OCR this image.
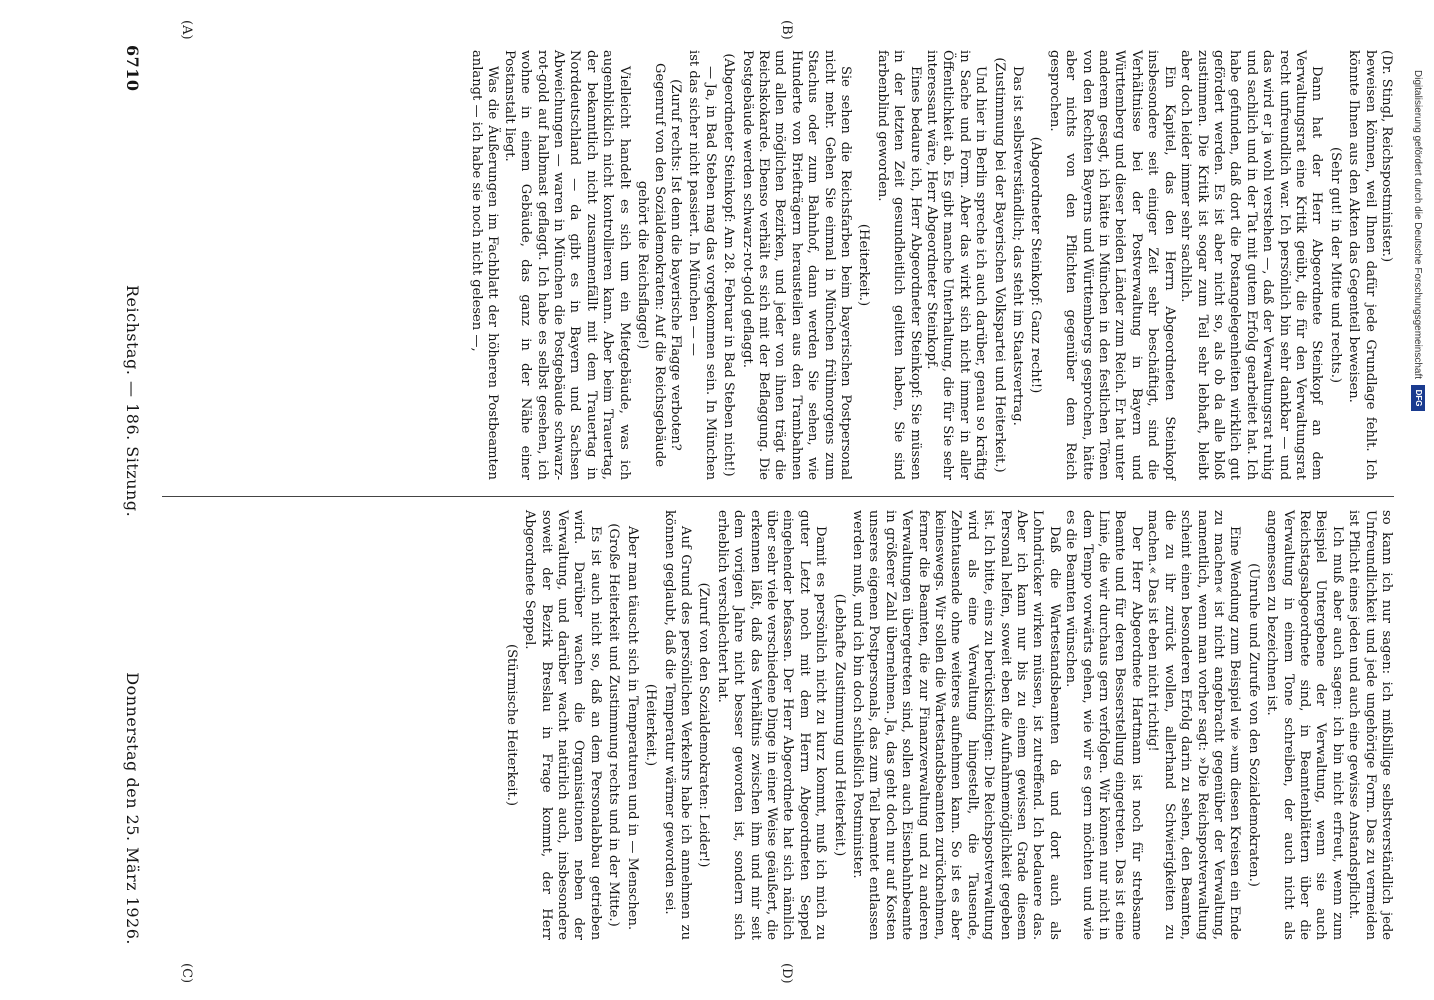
6710
Reichstag. — 186. Sitzung.
Donnerstag den 25. März 1926.

(Dr. Stingl, Reichspostminister.)

beweisen können, weil Ihnen dafür jede Grundlage fehlt. Ich könnte Ihnen aus den Akten das Gegenteil beweisen.

(Sehr gut! in der Mitte und rechts.)

Dann hat der Herr Abgeordnete Steinkopf an dem Verwaltungsrat eine Kritik geübt, die für den Verwaltungsrat recht unfreundlich war. Ich persönlich bin sehr dankbar — und das wird er ja wohl verstehen —, daß der Verwaltungsrat ruhig und sachlich und in der Tat mit gutem Erfolg gearbeitet hat. Ich habe gefunden, daß dort die Postangelegenheiten wirklich gut gefördert werden. Es ist aber nicht so, als ob da alle bloß zustimmen. Die Kritik ist sogar zum Teil sehr lebhaft, bleibt aber doch leider immer sehr sachlich.

Ein Kapitel, das den Herrn Abgeordneten Steinkopf insbesondere seit einiger Zeit sehr beschäftigt, sind die Verhältnisse bei der Postverwaltung in Bayern und Württemberg und dieser beiden Länder zum Reich. Er hat unter anderem gesagt, ich hätte in München in den festlichen Tönen von den Rechten Bayerns und Württembergs gesprochen, hätte aber nichts von den Pflichten gegenüber dem Reich gesprochen.

(Abgeordneter Steinkopf: Ganz recht!)

Das ist selbstverständlich; das steht im Staatsvertrag.

(Zustimmung bei der Bayerischen Volkspartei und Heiterkeit.)

Und hier in Berlin spreche ich auch darüber, genau so kräftig in Sache und Form. Aber das wirkt sich nicht immer in aller Öffentlichkeit ab. Es gibt manche Unterhaltung, die für Sie sehr interessant wäre, Herr Abgeordneter Steinkopf.

Eines bedaure ich, Herr Abgeordneter Steinkopf: Sie müssen in der letzten Zeit gesundheitlich gelitten haben, Sie sind farbenblind geworden.

(Heiterkeit.)

Sie sehen die Reichsfarben beim bayerischen Postpersonal nicht mehr. Gehen Sie einmal in München frühmorgens zum Stachus oder zum Bahnhof, dann werden Sie sehen, wie Hunderte von Briefträgern herausteilen aus den Trambahnen und allen möglichen Bezirken, und jeder von ihnen trägt die Reichskokarde. Ebenso verhält es sich mit der Beflaggung. Die Postgebäude werden schwarz-rot-gold geflaggt.

(Abgeordneter Steinkopf: Am 28. Februar in Bad Steben nicht!)

— Ja, in Bad Steben mag das vorgekommen sein. In München ist das sicher nicht passiert. In München — —

(Zuruf rechts: Ist denn die bayerische Flagge verboten? Gegenruf von den Sozialdemokraten: Auf die Reichsgebäude gehört die Reichsflagge!)

Vielleicht handelt es sich um ein Mietgebäude, was ich augenblicklich nicht kontrollieren kann. Aber beim Trauertag, der bekanntlich nicht zusammenfällt mit dem Trauertag in Norddeutschland — da gibt es in Bayern und Sachsen Abweichungen — waren in München die Postgebäude schwarz-rot-gold auf halbmast geflaggt. Ich habe es selbst gesehen, ich wohne in einem Gebäude, das ganz in der Nähe einer Postanstalt liegt.

Was die Äußerungen im Fachblatt der höheren Postbeamten anlangt — ich habe sie noch nicht gelesen —,

so kann ich nur sagen: ich mißbillige selbstverständlich jede Unfreundlichkeit und jede ungehörige Form. Das zu vermeiden ist Pflicht eines jeden und auch eine gewisse Anstandspflicht.

Ich muß aber auch sagen: ich bin nicht erfreut, wenn zum Beispiel Untergebene der Verwaltung, wenn sie auch Reichstagsabgeordnete sind, in Beamtenblättern über die Verwaltung in einem Tone schreiben, der auch nicht als angemessen zu bezeichnen ist.

(Unruhe und Zurufe von den Sozialdemokraten.)

Eine Wendung zum Beispiel wie »um diesen Kreisen ein Ende zu machen« ist nicht angebracht gegenüber der Verwaltung, namentlich, wenn man vorher sagt: »Die Reichspostverwaltung scheint einen besonderen Erfolg darin zu sehen, den Beamten, die zu ihr zurück wollen, allerhand Schwierigkeiten zu machen.« Das ist eben nicht richtig!

Der Herr Abgeordnete Hartmann ist noch für strebsame Beamte und für deren Besserstellung eingetreten. Das ist eine Linie, die wir durchaus gern verfolgen. Wir können nur nicht in dem Tempo vorwärts gehen, wie wir es gern möchten und wie es die Beamten wünschen.

Daß die Wartestandsbeamten da und dort auch als Lohndrücker wirken müssen, ist zutreffend. Ich bedauere das. Aber ich kann nur bis zu einem gewissen Grade diesem Personal helfen, soweit eben die Aufnahmemöglichkeit gegeben ist. Ich bitte, eins zu berücksichtigen: Die Reichspostverwaltung wird als eine Verwaltung hingestellt, die Tausende, Zehntausende ohne weiteres aufnehmen kann. So ist es aber keineswegs. Wir sollen die Wartestandsbeamten zurücknehmen, ferner die Beamten, die zur Finanzverwaltung und zu anderen Verwaltungen übergetreten sind, sollen auch Eisenbahnbeamte in größerer Zahl übernehmen. Ja, das geht doch nur auf Kosten unseres eigenen Postpersonals, das zum Teil beamtet entlassen werden muß, und ich bin doch schließlich Postminister.

(Lebhafte Zustimmung und Heiterkeit.)

Damit es persönlich nicht zu kurz kommt, muß ich mich zu guter Letzt noch mit dem Herrn Abgeordneten Seppel eingehender befassen. Der Herr Abgeordnete hat sich nämlich über sehr viele verschiedene Dinge in einer Weise geäußert, die erkennen läßt, daß das Verhältnis zwischen ihm und mir seit dem vorigen Jahre nicht besser geworden ist, sondern sich erheblich verschlechtert hat.

(Zuruf von den Sozialdemokraten: Leider!)

Auf Grund des persönlichen Verkehrs habe ich annehmen zu können geglaubt, daß die Temperatur wärmer geworden sei.

(Heiterkeit.)

Aber man täuscht sich in Temperaturen und in — Menschen.

(Große Heiterkeit und Zustimmung rechts und in der Mitte.)

Es ist auch nicht so, daß an dem Personalabbau getrieben wird. Darüber wachen die Organisationen neben der Verwaltung, und darüber wacht natürlich auch, insbesondere soweit der Bezirk Breslau in Frage kommt, der Herr Abgeordnete Seppel.

(Stürmische Heiterkeit.)

(A)	(B)
(C)	(D)
Digitalisierung gefördert durch die Deutsche Forschungsgemeinschaft
DFG
